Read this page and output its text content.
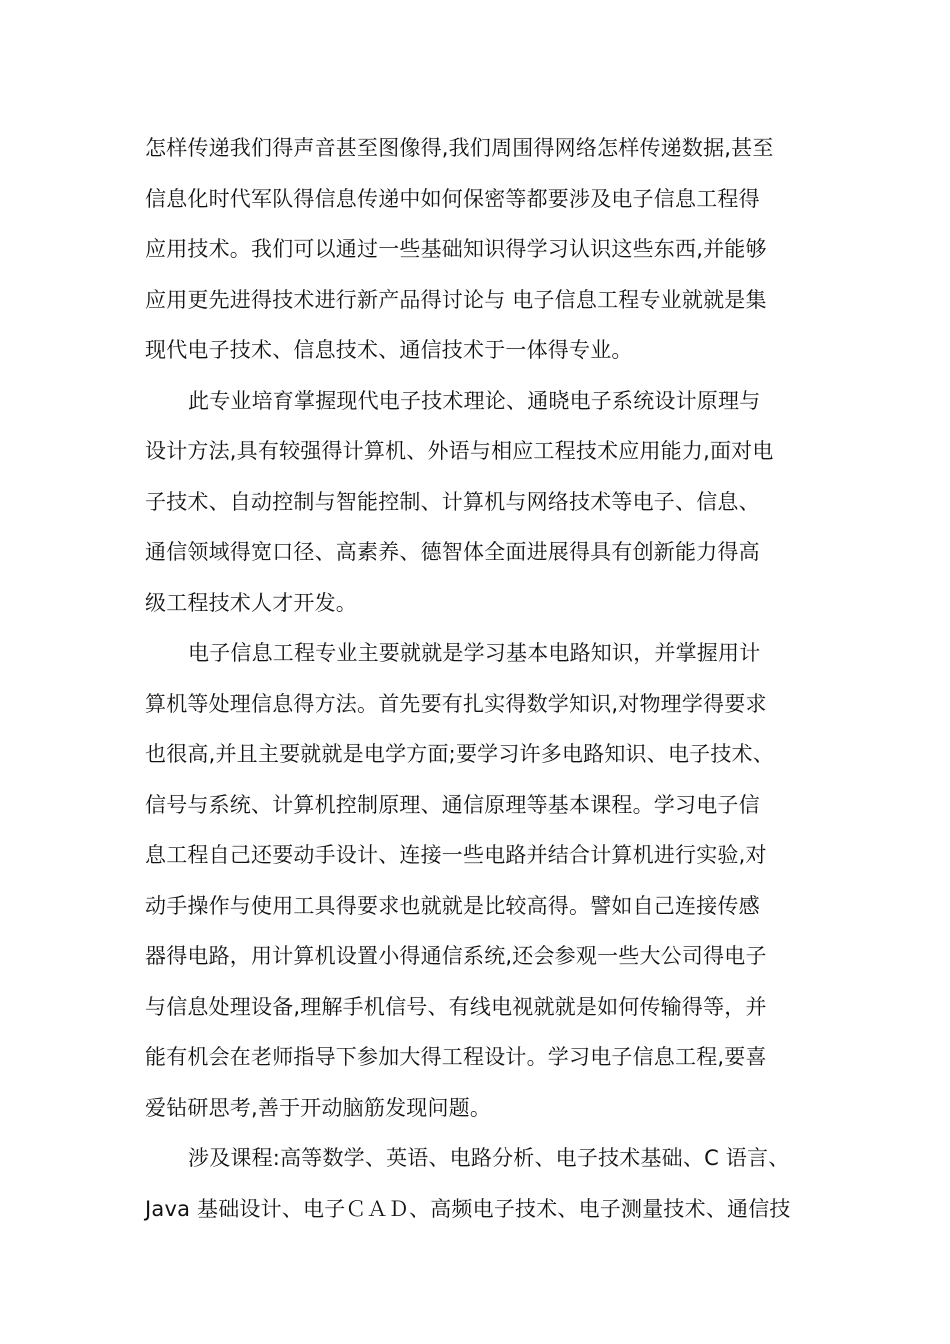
怎样传递我们得声音甚至图像得,我们周围得网络怎样传递数据,甚至
信息化时代军队得信息传递中如何保密等都要涉及电子信息工程得
应用技术。我们可以通过一些基础知识得学习认识这些东西,并能够
应用更先进得技术进行新产品得讨论与 电子信息工程专业就就是集
现代电子技术、信息技术、通信技术于一体得专业。
此专业培育掌握现代电子技术理论、通晓电子系统设计原理与
设计方法,具有较强得计算机、外语与相应工程技术应用能力,面对电
子技术、自动控制与智能控制、计算机与网络技术等电子、信息、
通信领域得宽口径、高素养、德智体全面进展得具有创新能力得高
级工程技术人才开发。
电子信息工程专业主要就就是学习基本电路知识，并掌握用计
算机等处理信息得方法。首先要有扎实得数学知识,对物理学得要求
也很高,并且主要就就是电学方面;要学习许多电路知识、电子技术、
信号与系统、计算机控制原理、通信原理等基本课程。学习电子信
息工程自己还要动手设计、连接一些电路并结合计算机进行实验,对
动手操作与使用工具得要求也就就是比较高得。譬如自己连接传感
器得电路，用计算机设置小得通信系统,还会参观一些大公司得电子
与信息处理设备,理解手机信号、有线电视就就是如何传输得等，并
能有机会在老师指导下参加大得工程设计。学习电子信息工程,要喜
爱钻研思考,善于开动脑筋发现问题。
涉及课程:高等数学、英语、电路分析、电子技术基础、C 语言、
Java 基础设计、电子ＣＡＤ、高频电子技术、电子测量技术、通信技
